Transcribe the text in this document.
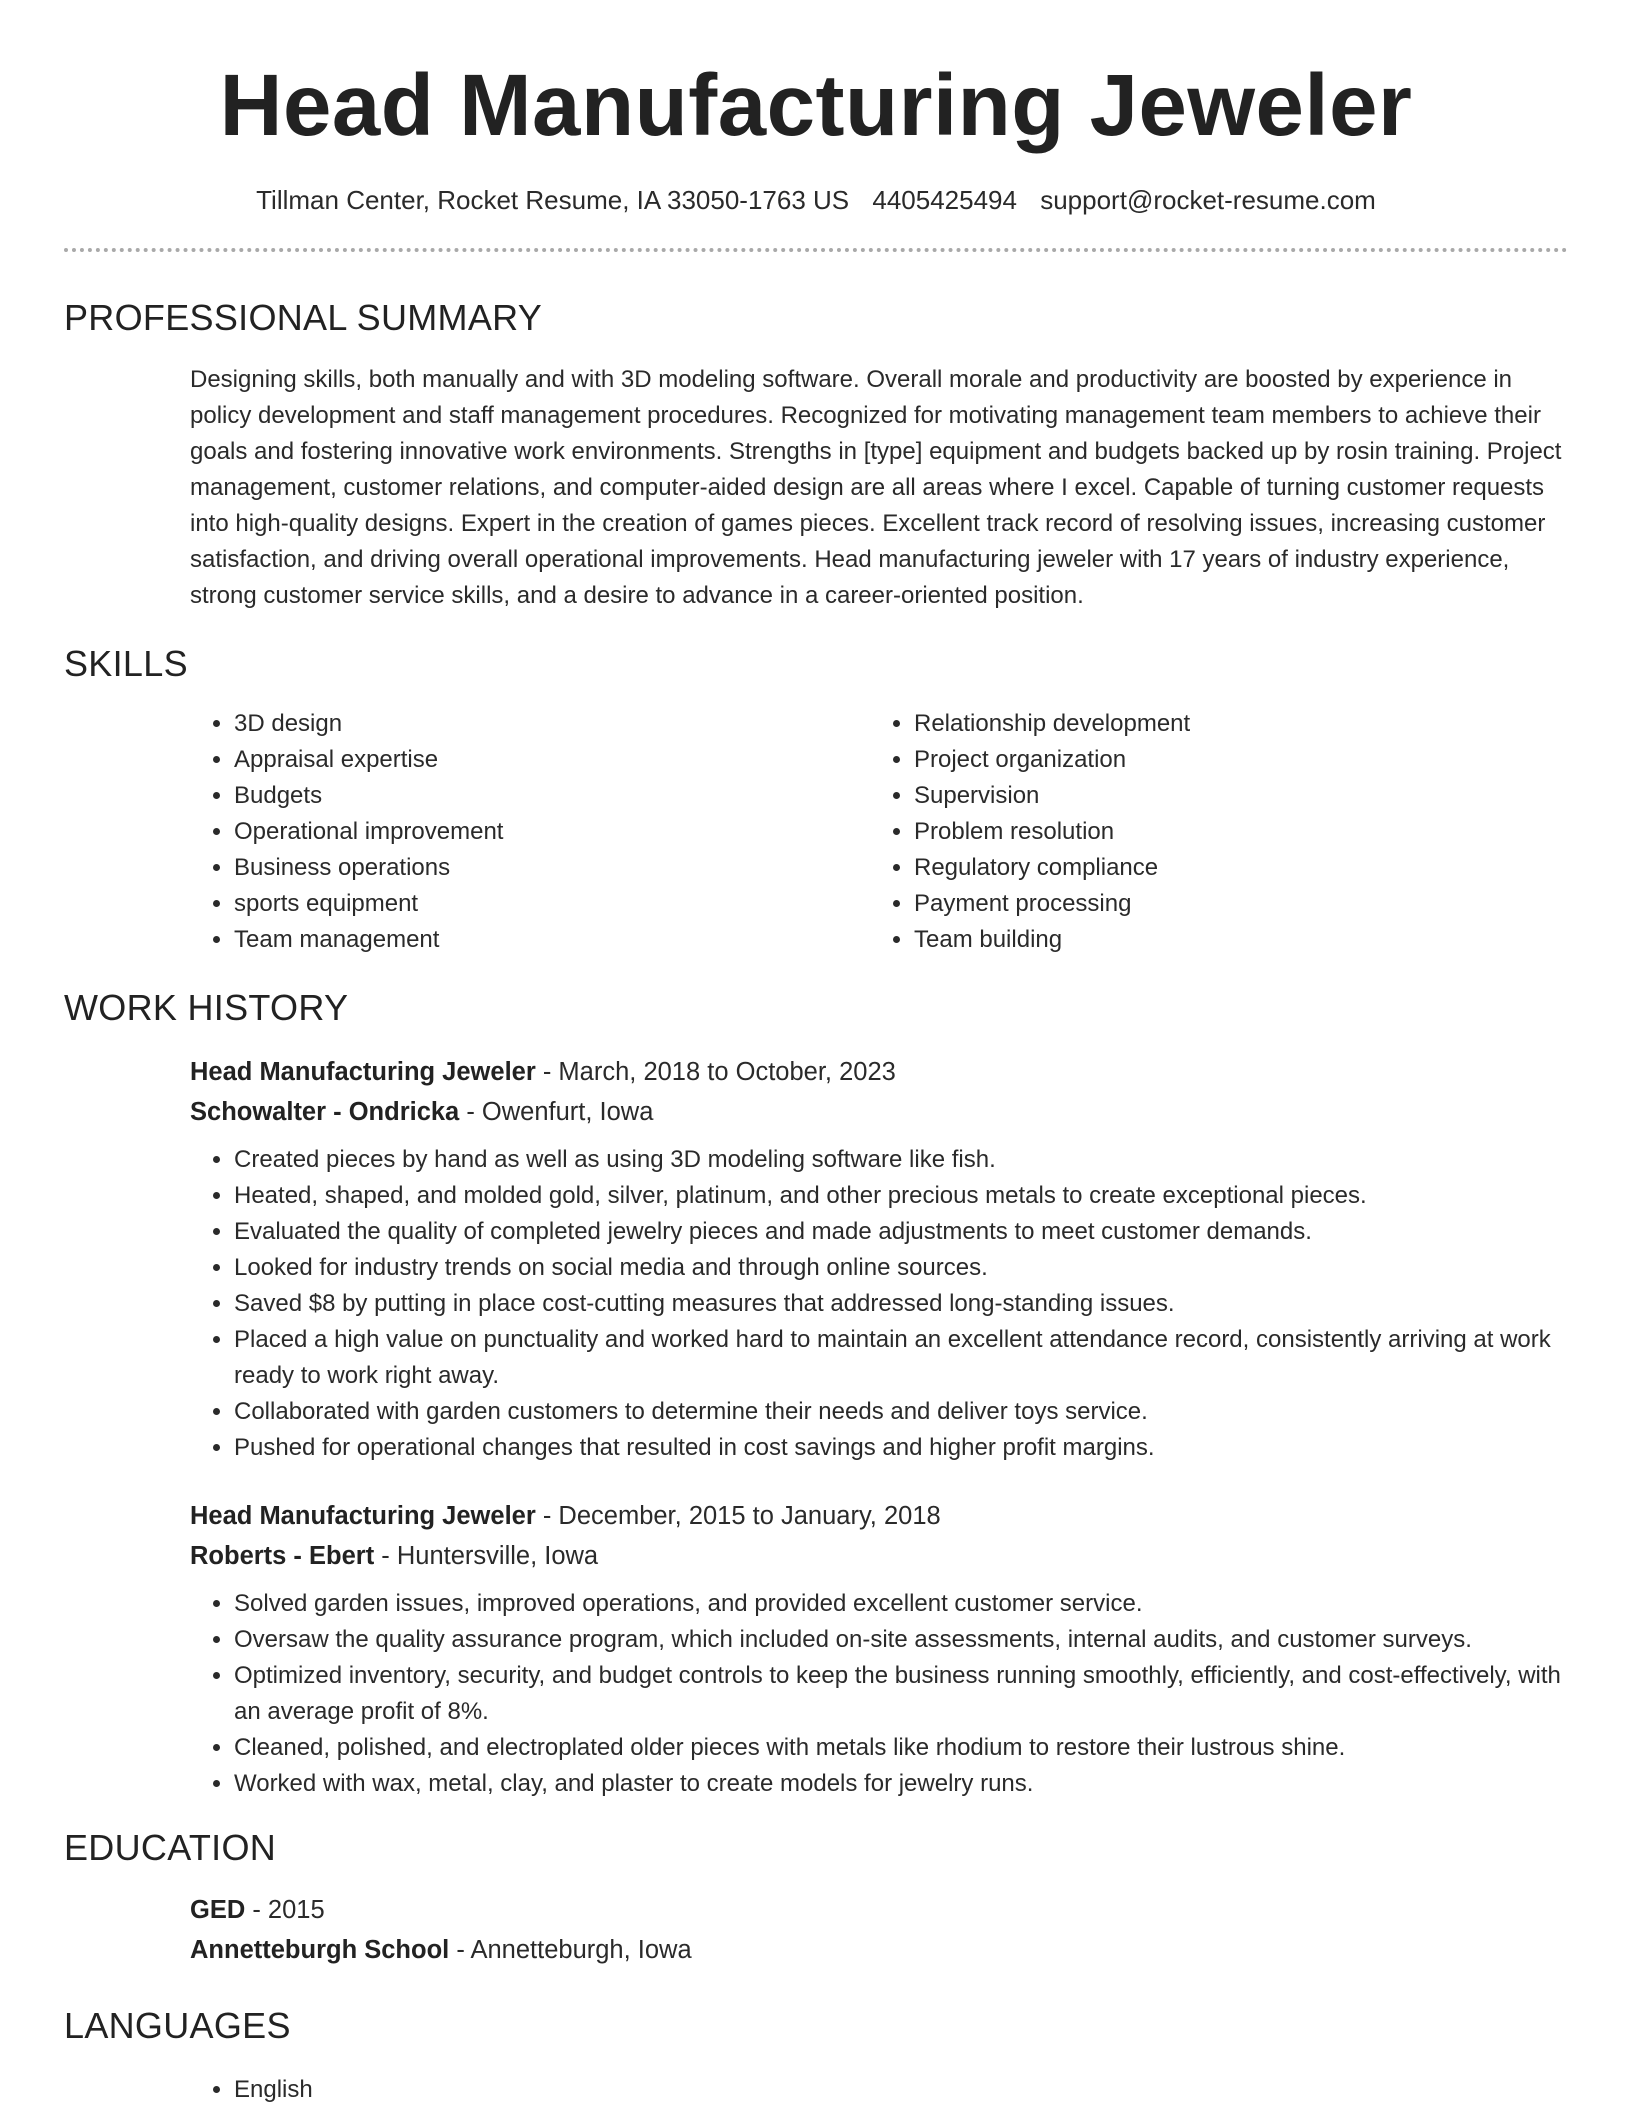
Head Manufacturing Jeweler
Tillman Center, Rocket Resume, IA 33050-1763 US 4405425494 support@rocket-resume.com
PROFESSIONAL SUMMARY

Designing skills, both manually and with 3D modeling software. Overall morale and productivity are boosted by experience in policy development and staff management procedures. Recognized for motivating management team members to achieve their goals and fostering innovative work environments. Strengths in [type] equipment and budgets backed up by rosin training. Project management, customer relations, and computer-aided design are all areas where I excel. Capable of turning customer requests into high-quality designs. Expert in the creation of games pieces. Excellent track record of resolving issues, increasing customer satisfaction, and driving overall operational improvements. Head manufacturing jeweler with 17 years of industry experience, strong customer service skills, and a desire to advance in a career-oriented position.

SKILLS
• 3D design
• Appraisal expertise
• Budgets
• Operational improvement
• Business operations
• sports equipment
• Team management
• Relationship development
• Project organization
• Supervision
• Problem resolution
• Regulatory compliance
• Payment processing
• Team building
WORK HISTORY
Head Manufacturing Jeweler - March, 2018 to October, 2023
Schowalter - Ondricka - Owenfurt, Iowa
• Created pieces by hand as well as using 3D modeling software like fish.
• Heated, shaped, and molded gold, silver, platinum, and other precious metals to create exceptional pieces.
• Evaluated the quality of completed jewelry pieces and made adjustments to meet customer demands.
• Looked for industry trends on social media and through online sources.
• Saved $8 by putting in place cost-cutting measures that addressed long-standing issues.
• Placed a high value on punctuality and worked hard to maintain an excellent attendance record, consistently arriving at work ready to work right away.
• Collaborated with garden customers to determine their needs and deliver toys service.
• Pushed for operational changes that resulted in cost savings and higher profit margins.
Head Manufacturing Jeweler - December, 2015 to January, 2018
Roberts - Ebert - Huntersville, Iowa
• Solved garden issues, improved operations, and provided excellent customer service.
• Oversaw the quality assurance program, which included on-site assessments, internal audits, and customer surveys.
• Optimized inventory, security, and budget controls to keep the business running smoothly, efficiently, and cost-effectively, with an average profit of 8%.
• Cleaned, polished, and electroplated older pieces with metals like rhodium to restore their lustrous shine.
• Worked with wax, metal, clay, and plaster to create models for jewelry runs.
EDUCATION
GED - 2015
Annetteburgh School - Annetteburgh, Iowa
LANGUAGES
• English
